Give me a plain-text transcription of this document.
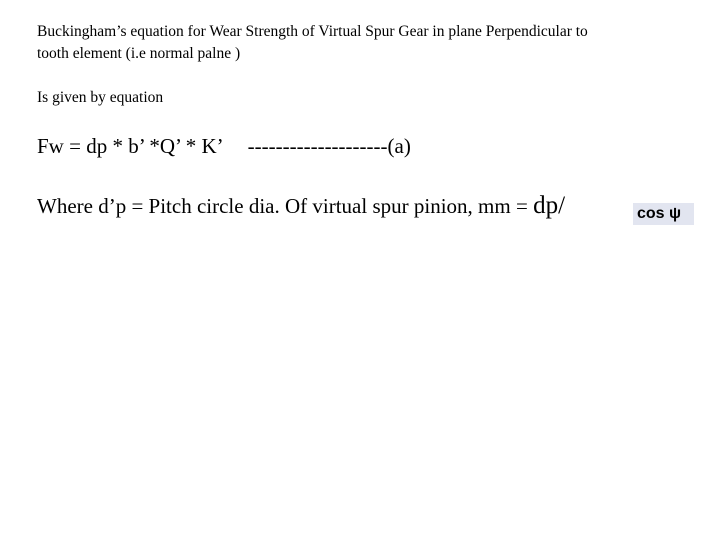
Buckingham’s equation for Wear Strength of Virtual Spur Gear in plane Perpendicular to
tooth element (i.e normal palne )
Is given by equation
Fw = dp * b’ *Q’ * K’ --------------------(a)
Where d’p = Pitch circle dia. Of virtual spur pinion, mm = dp/	cos ψ
